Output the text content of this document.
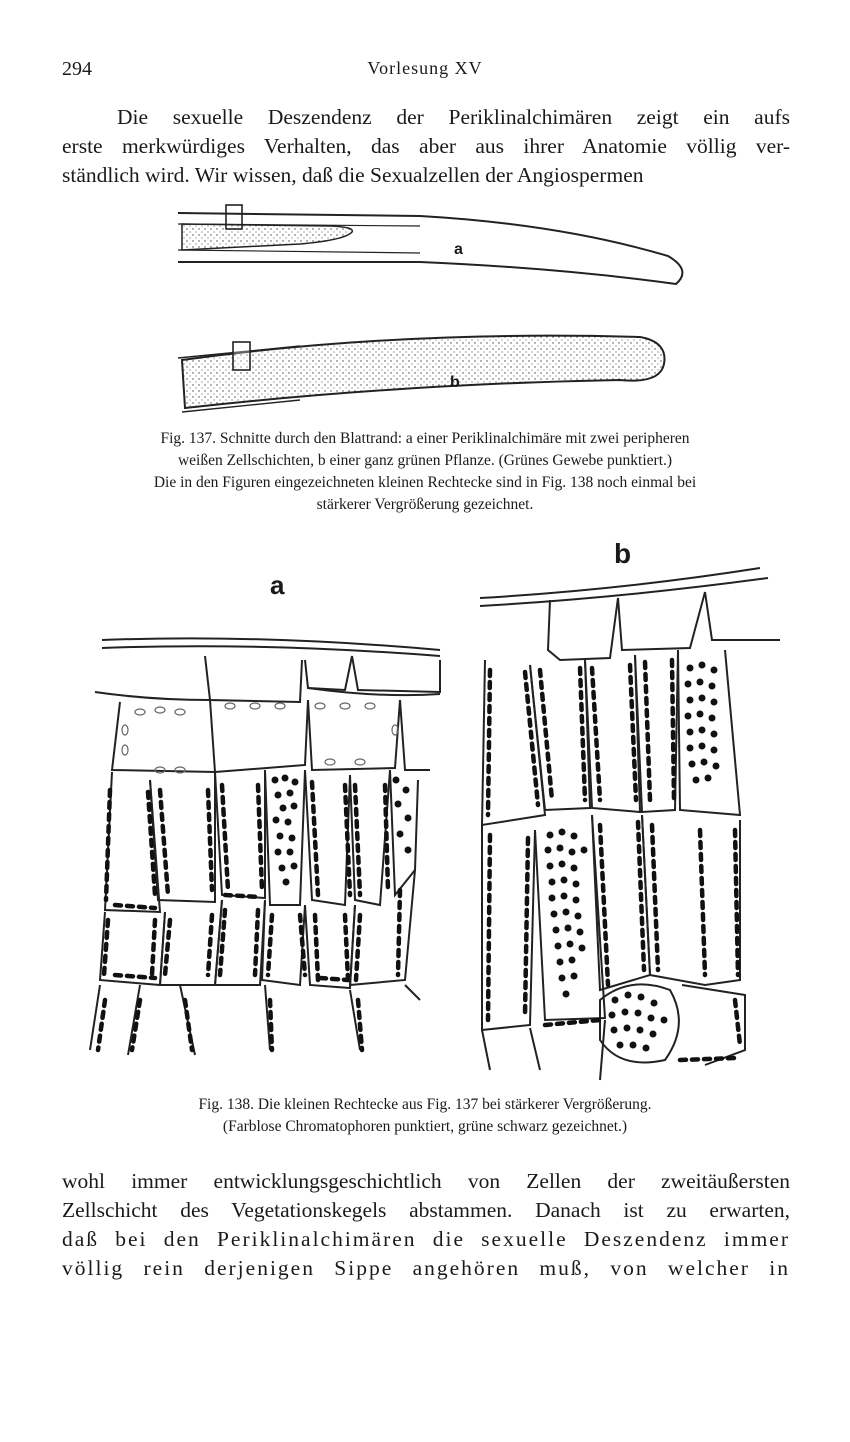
294	Vorlesung XV
Die sexuelle Deszendenz der Periklinalchimären zeigt ein aufs
erste merkwürdiges Verhalten, das aber aus ihrer Anatomie völlig ver-
ständlich wird. Wir wissen, daß die Sexualzellen der Angiospermen
a
b
Fig. 137. Schnitte durch den Blattrand: a einer Periklinalchimäre mit zwei peripheren
weißen Zellschichten, b einer ganz grünen Pflanze. (Grünes Gewebe punktiert.)
Die in den Figuren eingezeichneten kleinen Rechtecke sind in Fig. 138 noch einmal bei
stärkerer Vergrößerung gezeichnet.
a
b
Fig. 138. Die kleinen Rechtecke aus Fig. 137 bei stärkerer Vergrößerung.
(Farblose Chromatophoren punktiert, grüne schwarz gezeichnet.)
wohl immer entwicklungsgeschichtlich von Zellen der zweitäußersten
Zellschicht des Vegetationskegels abstammen. Danach ist zu erwarten,
daß bei den Periklinalchimären die sexuelle Deszendenz immer
völlig rein derjenigen Sippe angehören muß, von welcher in
